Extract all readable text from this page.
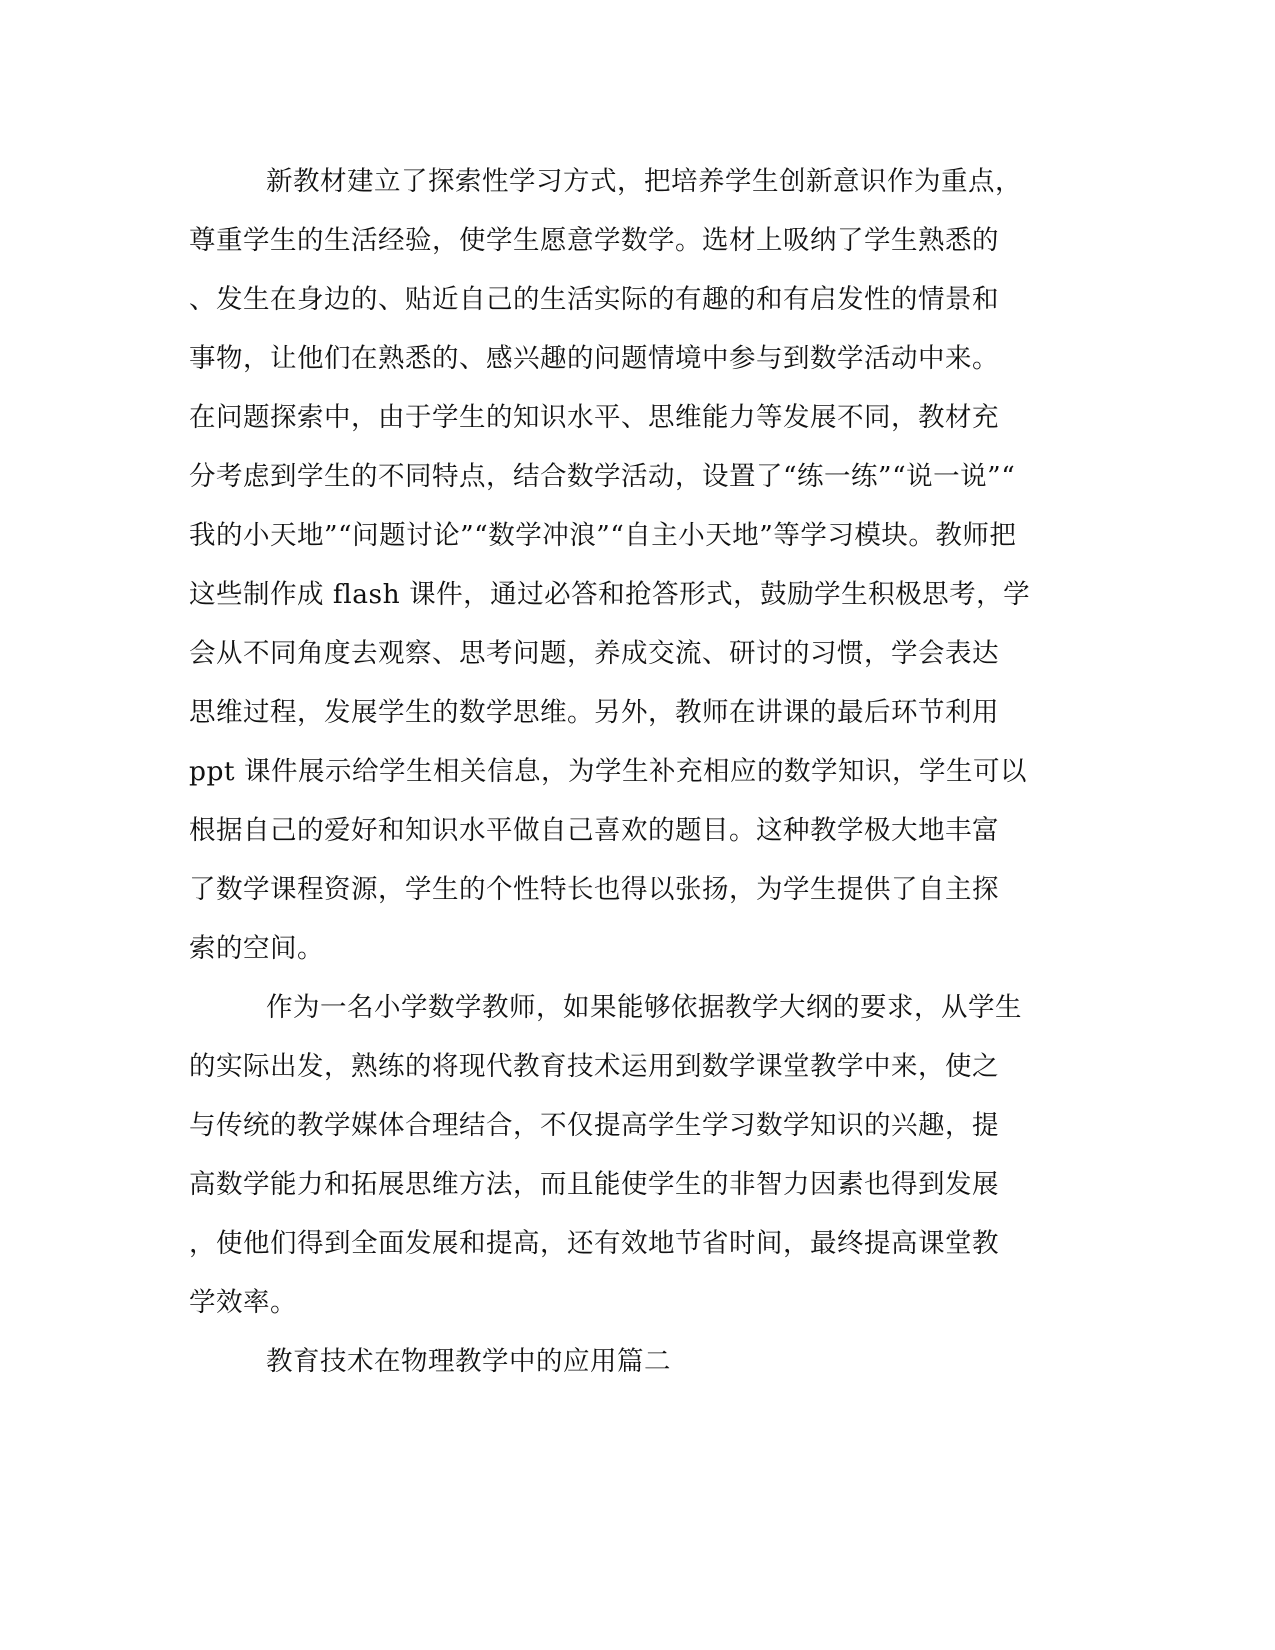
新教材建立了探索性学习方式，把培养学生创新意识作为重点，
尊重学生的生活经验，使学生愿意学数学。选材上吸纳了学生熟悉的
、发生在身边的、贴近自己的生活实际的有趣的和有启发性的情景和
事物，让他们在熟悉的、感兴趣的问题情境中参与到数学活动中来。
在问题探索中，由于学生的知识水平、思维能力等发展不同，教材充
分考虑到学生的不同特点，结合数学活动，设置了“练一练”“说一说”“
我的小天地”“问题讨论”“数学冲浪”“自主小天地”等学习模块。教师把
这些制作成 flash 课件，通过必答和抢答形式，鼓励学生积极思考，学
会从不同角度去观察、思考问题，养成交流、研讨的习惯，学会表达
思维过程，发展学生的数学思维。另外，教师在讲课的最后环节利用
ppt 课件展示给学生相关信息，为学生补充相应的数学知识，学生可以
根据自己的爱好和知识水平做自己喜欢的题目。这种教学极大地丰富
了数学课程资源，学生的个性特长也得以张扬，为学生提供了自主探
索的空间。
作为一名小学数学教师，如果能够依据教学大纲的要求，从学生
的实际出发，熟练的将现代教育技术运用到数学课堂教学中来，使之
与传统的教学媒体合理结合，不仅提高学生学习数学知识的兴趣，提
高数学能力和拓展思维方法，而且能使学生的非智力因素也得到发展
，使他们得到全面发展和提高，还有效地节省时间，最终提高课堂教
学效率。
教育技术在物理教学中的应用篇二
